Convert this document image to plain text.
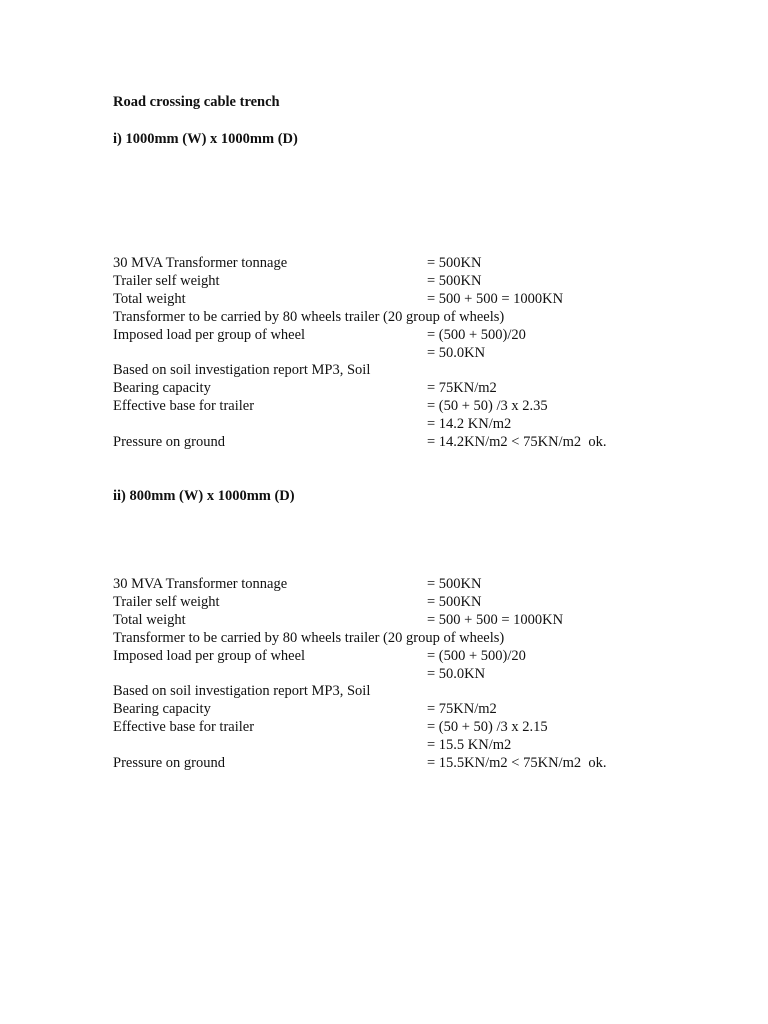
Road crossing cable trench
i) 1000mm (W) x 1000mm (D)
30 MVA Transformer tonnage	= 500KN
Trailer self weight	= 500KN
Total weight	= 500 + 500 = 1000KN
Transformer to be carried by 80 wheels trailer (20 group of wheels)
Imposed load per group of wheel	= (500 + 500)/20
= 50.0KN
Based on soil investigation report MP3, Soil
Bearing capacity	= 75KN/m2
Effective base for trailer	= (50 + 50) /3 x 2.35
= 14.2 KN/m2
Pressure on ground	= 14.2KN/m2 < 75KN/m2  ok.
ii) 800mm (W) x 1000mm (D)
30 MVA Transformer tonnage	= 500KN
Trailer self weight	= 500KN
Total weight	= 500 + 500 = 1000KN
Transformer to be carried by 80 wheels trailer (20 group of wheels)
Imposed load per group of wheel	= (500 + 500)/20
= 50.0KN
Based on soil investigation report MP3, Soil
Bearing capacity	= 75KN/m2
Effective base for trailer	= (50 + 50) /3 x 2.15
= 15.5 KN/m2
Pressure on ground	= 15.5KN/m2 < 75KN/m2  ok.
